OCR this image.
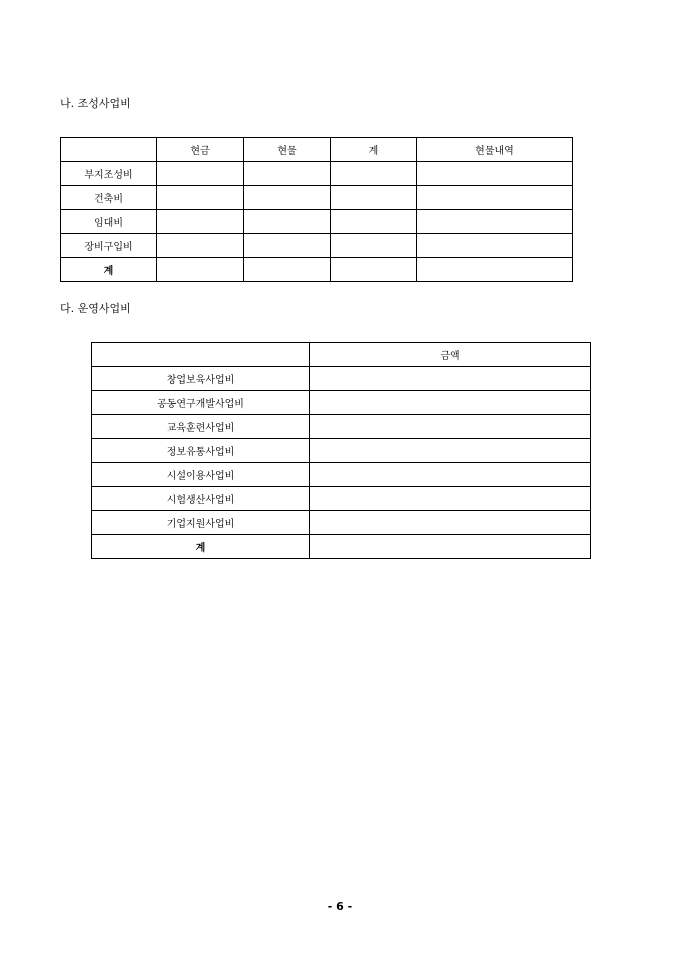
나. 조성사업비
	현금	현물	계	현물내역
부지조성비				
건축비				
임대비				
장비구입비				
계				
다. 운영사업비
	금액
창업보육사업비	
공동연구개발사업비	
교육훈련사업비	
정보유통사업비	
시설이용사업비	
시험생산사업비	
기업지원사업비	
계	
- 6 -
